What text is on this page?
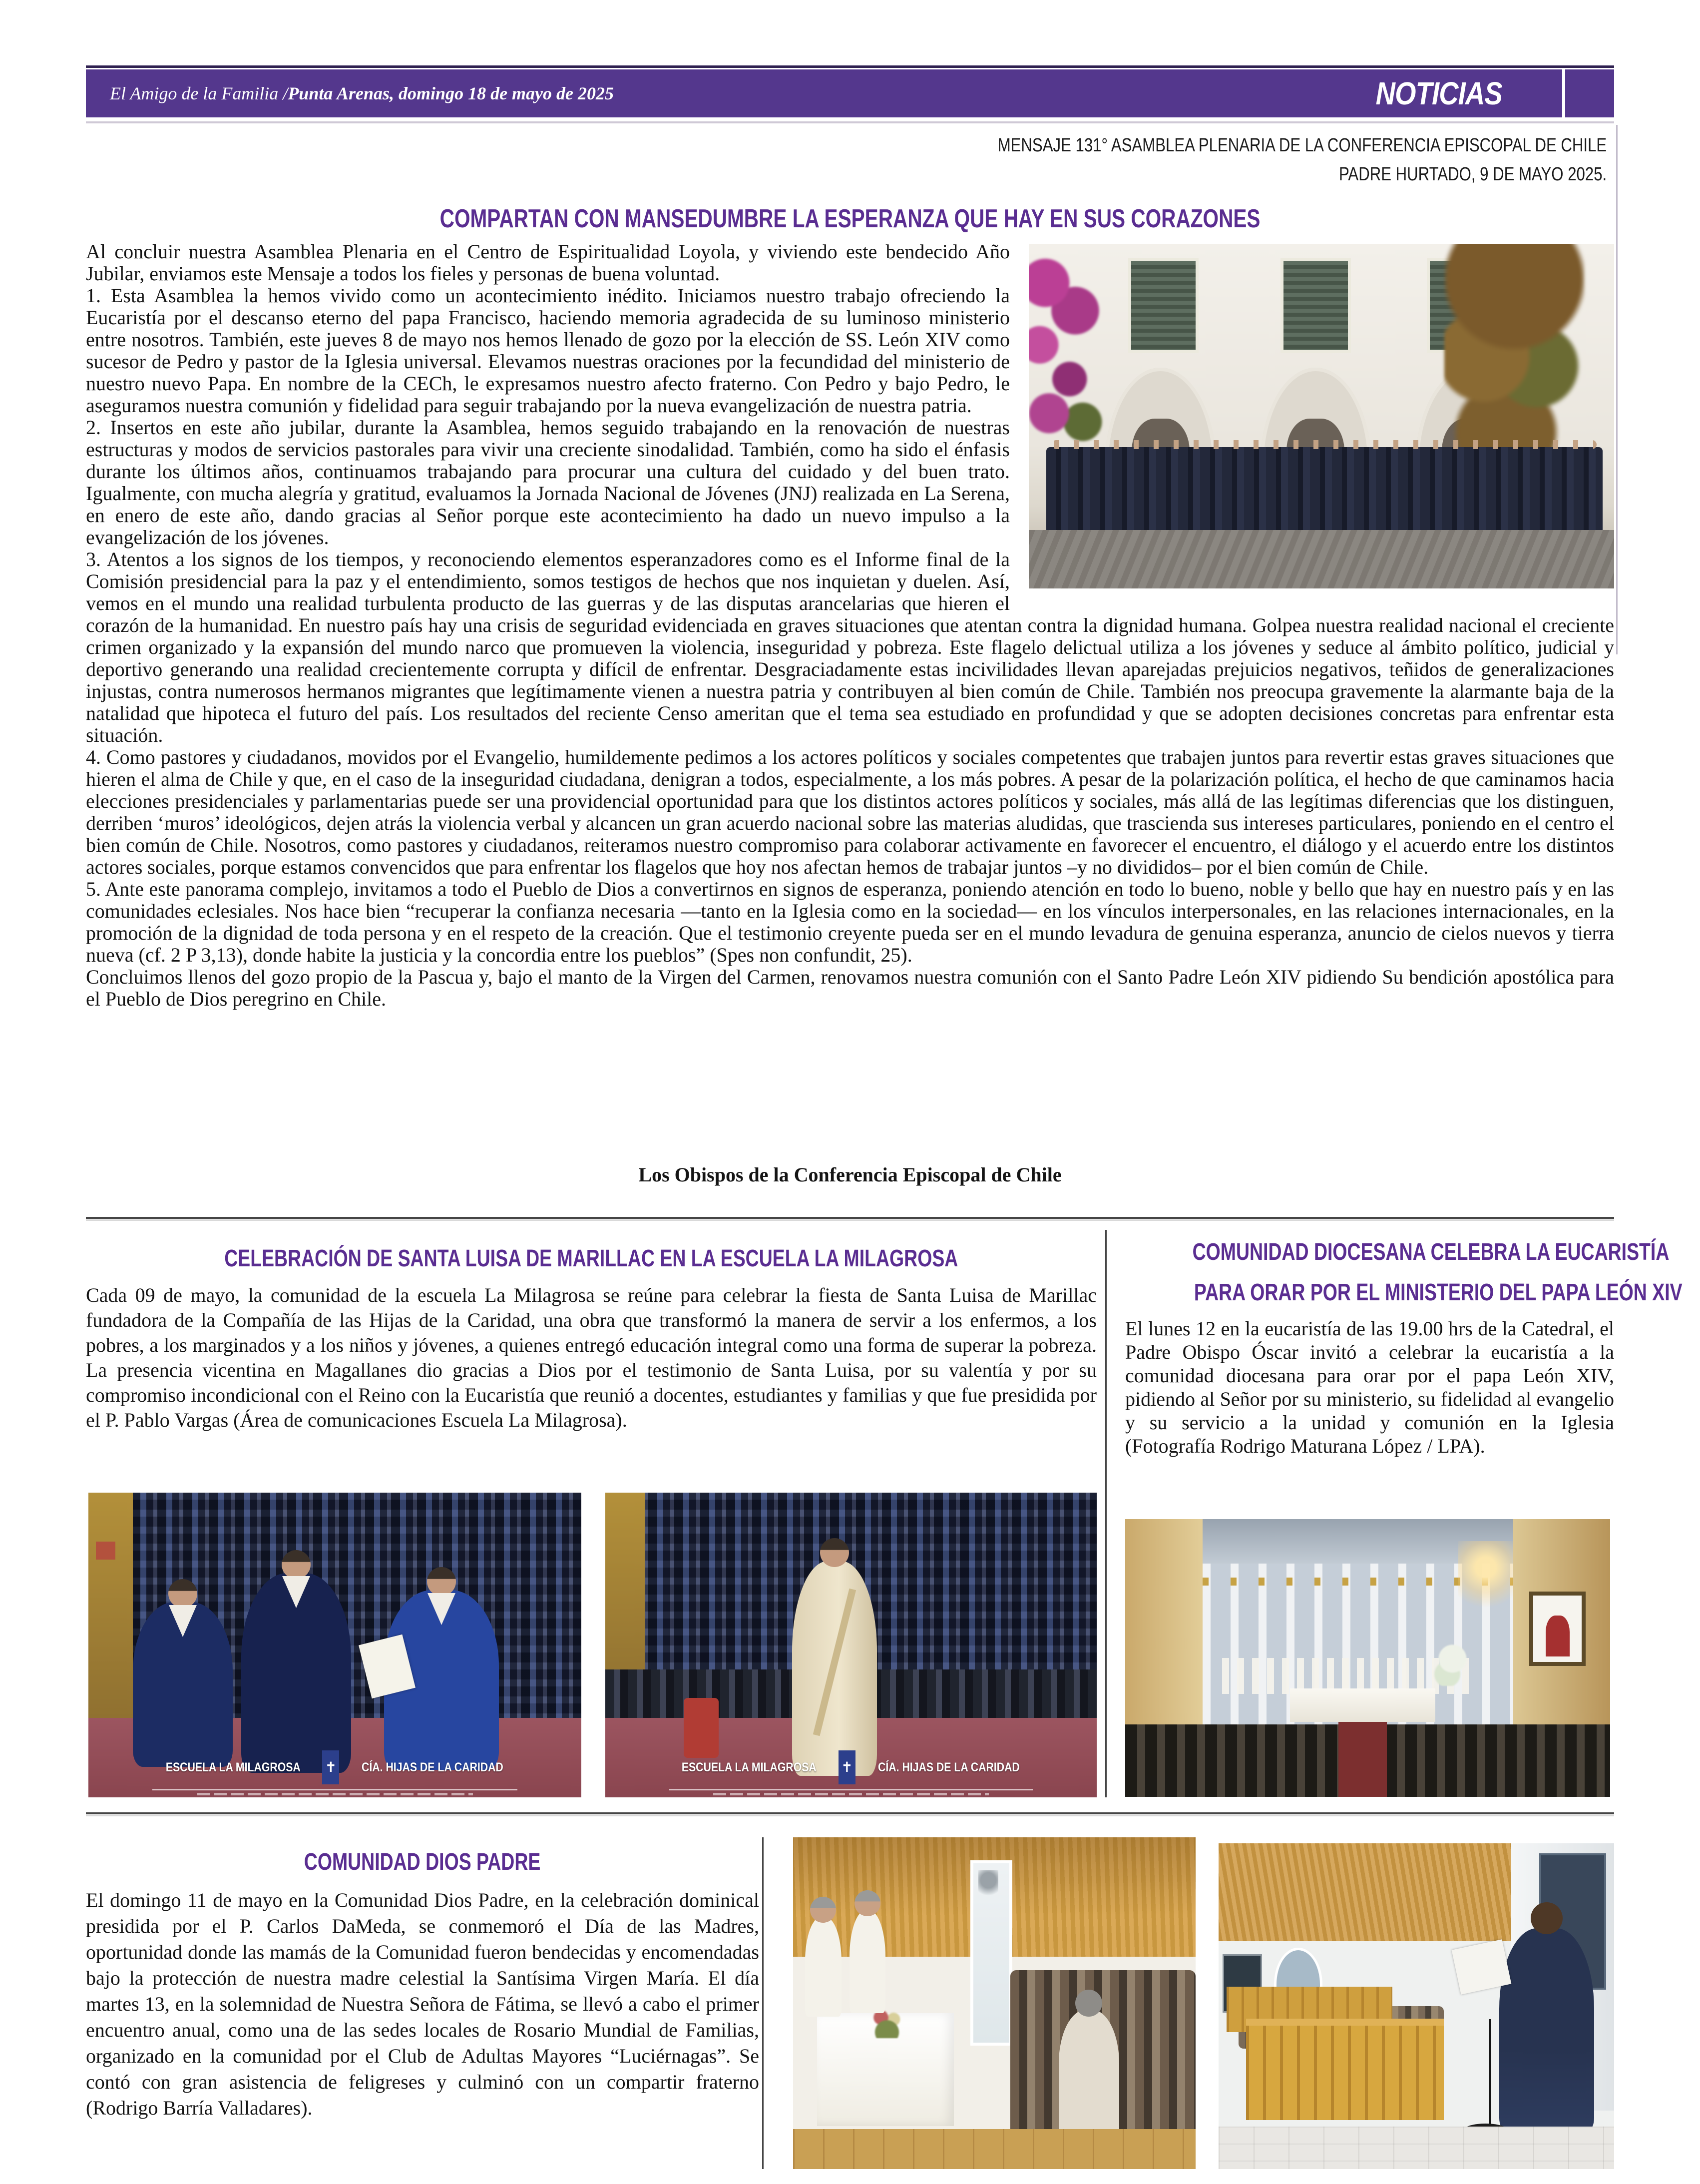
El Amigo de la Familia / Punta Arenas, domingo 18 de mayo de 2025	NOTICIAS
MENSAJE 131° ASAMBLEA PLENARIA DE LA CONFERENCIA EPISCOPAL DE CHILE
PADRE HURTADO, 9 DE MAYO 2025.
COMPARTAN CON MANSEDUMBRE LA ESPERANZA QUE HAY EN SUS CORAZONES

Al concluir nuestra Asamblea Plenaria en el Centro de Espiritualidad Loyola, y viviendo este bendecido Año Jubilar, enviamos este Mensaje a todos los fieles y personas de buena voluntad.

1. Esta Asamblea la hemos vivido como un acontecimiento inédito. Iniciamos nuestro trabajo ofreciendo la Eucaristía por el descanso eterno del papa Francisco, haciendo memoria agradecida de su luminoso ministerio entre nosotros. También, este jueves 8 de mayo nos hemos llenado de gozo por la elección de SS. León XIV como sucesor de Pedro y pastor de la Iglesia universal. Elevamos nuestras oraciones por la fecundidad del ministerio de nuestro nuevo Papa. En nombre de la CECh, le expresamos nuestro afecto fraterno. Con Pedro y bajo Pedro, le aseguramos nuestra comunión y fidelidad para seguir trabajando por la nueva evangelización de nuestra patria.

2. Insertos en este año jubilar, durante la Asamblea, hemos seguido trabajando en la renovación de nuestras estructuras y modos de servicios pastorales para vivir una creciente sinodalidad. También, como ha sido el énfasis durante los últimos años, continuamos trabajando para procurar una cultura del cuidado y del buen trato. Igualmente, con mucha alegría y gratitud, evaluamos la Jornada Nacional de Jóvenes (JNJ) realizada en La Serena, en enero de este año, dando gracias al Señor porque este acontecimiento ha dado un nuevo impulso a la evangelización de los jóvenes.

3. Atentos a los signos de los tiempos, y reconociendo elementos esperanzadores como es el Informe final de la Comisión presidencial para la paz y el entendimiento, somos testigos de hechos que nos inquietan y duelen. Así, vemos en el mundo una realidad turbulenta producto de las guerras y de las disputas arancelarias que hieren el corazón de la humanidad. En nuestro país hay una crisis de seguridad evidenciada en graves situaciones que atentan contra la dignidad humana. Golpea nuestra realidad nacional el creciente crimen organizado y la expansión del mundo narco que promueven la violencia, inseguridad y pobreza. Este flagelo delictual utiliza a los jóvenes y seduce al ámbito político, judicial y deportivo generando una realidad crecientemente corrupta y difícil de enfrentar. Desgraciadamente estas incivilidades llevan aparejadas prejuicios negativos, teñidos de generalizaciones injustas, contra numerosos hermanos migrantes que legítimamente vienen a nuestra patria y contribuyen al bien común de Chile. También nos preocupa gravemente la alarmante baja de la natalidad que hipoteca el futuro del país. Los resultados del reciente Censo ameritan que el tema sea estudiado en profundidad y que se adopten decisiones concretas para enfrentar esta situación.

4. Como pastores y ciudadanos, movidos por el Evangelio, humildemente pedimos a los actores políticos y sociales competentes que trabajen juntos para revertir estas graves situaciones que hieren el alma de Chile y que, en el caso de la inseguridad ciudadana, denigran a todos, especialmente, a los más pobres. A pesar de la polarización política, el hecho de que caminamos hacia elecciones presidenciales y parlamentarias puede ser una providencial oportunidad para que los distintos actores políticos y sociales, más allá de las legítimas diferencias que los distinguen, derriben ‘muros’ ideológicos, dejen atrás la violencia verbal y alcancen un gran acuerdo nacional sobre las materias aludidas, que trascienda sus intereses particulares, poniendo en el centro el bien común de Chile. Nosotros, como pastores y ciudadanos, reiteramos nuestro compromiso para colaborar activamente en favorecer el encuentro, el diálogo y el acuerdo entre los distintos actores sociales, porque estamos convencidos que para enfrentar los flagelos que hoy nos afectan hemos de trabajar juntos –y no divididos– por el bien común de Chile.

5. Ante este panorama complejo, invitamos a todo el Pueblo de Dios a convertirnos en signos de esperanza, poniendo atención en todo lo bueno, noble y bello que hay en nuestro país y en las comunidades eclesiales. Nos hace bien “recuperar la confianza necesaria —tanto en la Iglesia como en la sociedad— en los vínculos interpersonales, en las relaciones internacionales, en la promoción de la dignidad de toda persona y en el respeto de la creación. Que el testimonio creyente pueda ser en el mundo levadura de genuina esperanza, anuncio de cielos nuevos y tierra nueva (cf. 2 P 3,13), donde habite la justicia y la concordia entre los pueblos” (Spes non confundit, 25).

Concluimos llenos del gozo propio de la Pascua y, bajo el manto de la Virgen del Carmen, renovamos nuestra comunión con el Santo Padre León XIV pidiendo Su bendición apostólica para el Pueblo de Dios peregrino en Chile.

Los Obispos de la Conferencia Episcopal de Chile
CELEBRACIÓN DE SANTA LUISA DE MARILLAC EN LA ESCUELA LA MILAGROSA
Cada 09 de mayo, la comunidad de la escuela La Milagrosa se reúne para celebrar la fiesta de Santa Luisa de Marillac fundadora de la Compañía de las Hijas de la Caridad, una obra que transformó la manera de servir a los enfermos, a los pobres, a los marginados y a los niños y jóvenes, a quienes entregó educación integral como una forma de superar la pobreza. La presencia vicentina en Magallanes dio gracias a Dios por el testimonio de Santa Luisa, por su valentía y por su compromiso incondicional con el Reino con la Eucaristía que reunió a docentes, estudiantes y familias y que fue presidida por el P. Pablo Vargas (Área de comunicaciones Escuela La Milagrosa).
ESCUELA LA MILAGROSA ✝ CÍA. HIJAS DE LA CARIDAD	ESCUELA LA MILAGROSA ✝ CÍA. HIJAS DE LA CARIDAD
COMUNIDAD DIOCESANA CELEBRA LA EUCARISTÍA
PARA ORAR POR EL MINISTERIO DEL PAPA LEÓN XIV
El lunes 12 en la eucaristía de las 19.00 hrs de la Catedral, el Padre Obispo Óscar invitó a celebrar la eucaristía a la comunidad diocesana para orar por el papa León XIV, pidiendo al Señor por su ministerio, su fidelidad al evangelio y su servicio a la unidad y comunión en la Iglesia (Fotografía Rodrigo Maturana López / LPA).
COMUNIDAD DIOS PADRE
El domingo 11 de mayo en la Comunidad Dios Padre, en la celebración dominical presidida por el P. Carlos DaMeda, se conmemoró el Día de las Madres, oportunidad donde las mamás de la Comunidad fueron bendecidas y encomendadas bajo la protección de nuestra madre celestial la Santísima Virgen María. El día martes 13, en la solemnidad de Nuestra Señora de Fátima, se llevó a cabo el primer encuentro anual, como una de las sedes locales de Rosario Mundial de Familias, organizado en la comunidad por el Club de Adultas Mayores “Luciérnagas”. Se contó con gran asistencia de feligreses y culminó con un compartir fraterno (Rodrigo Barría Valladares).
